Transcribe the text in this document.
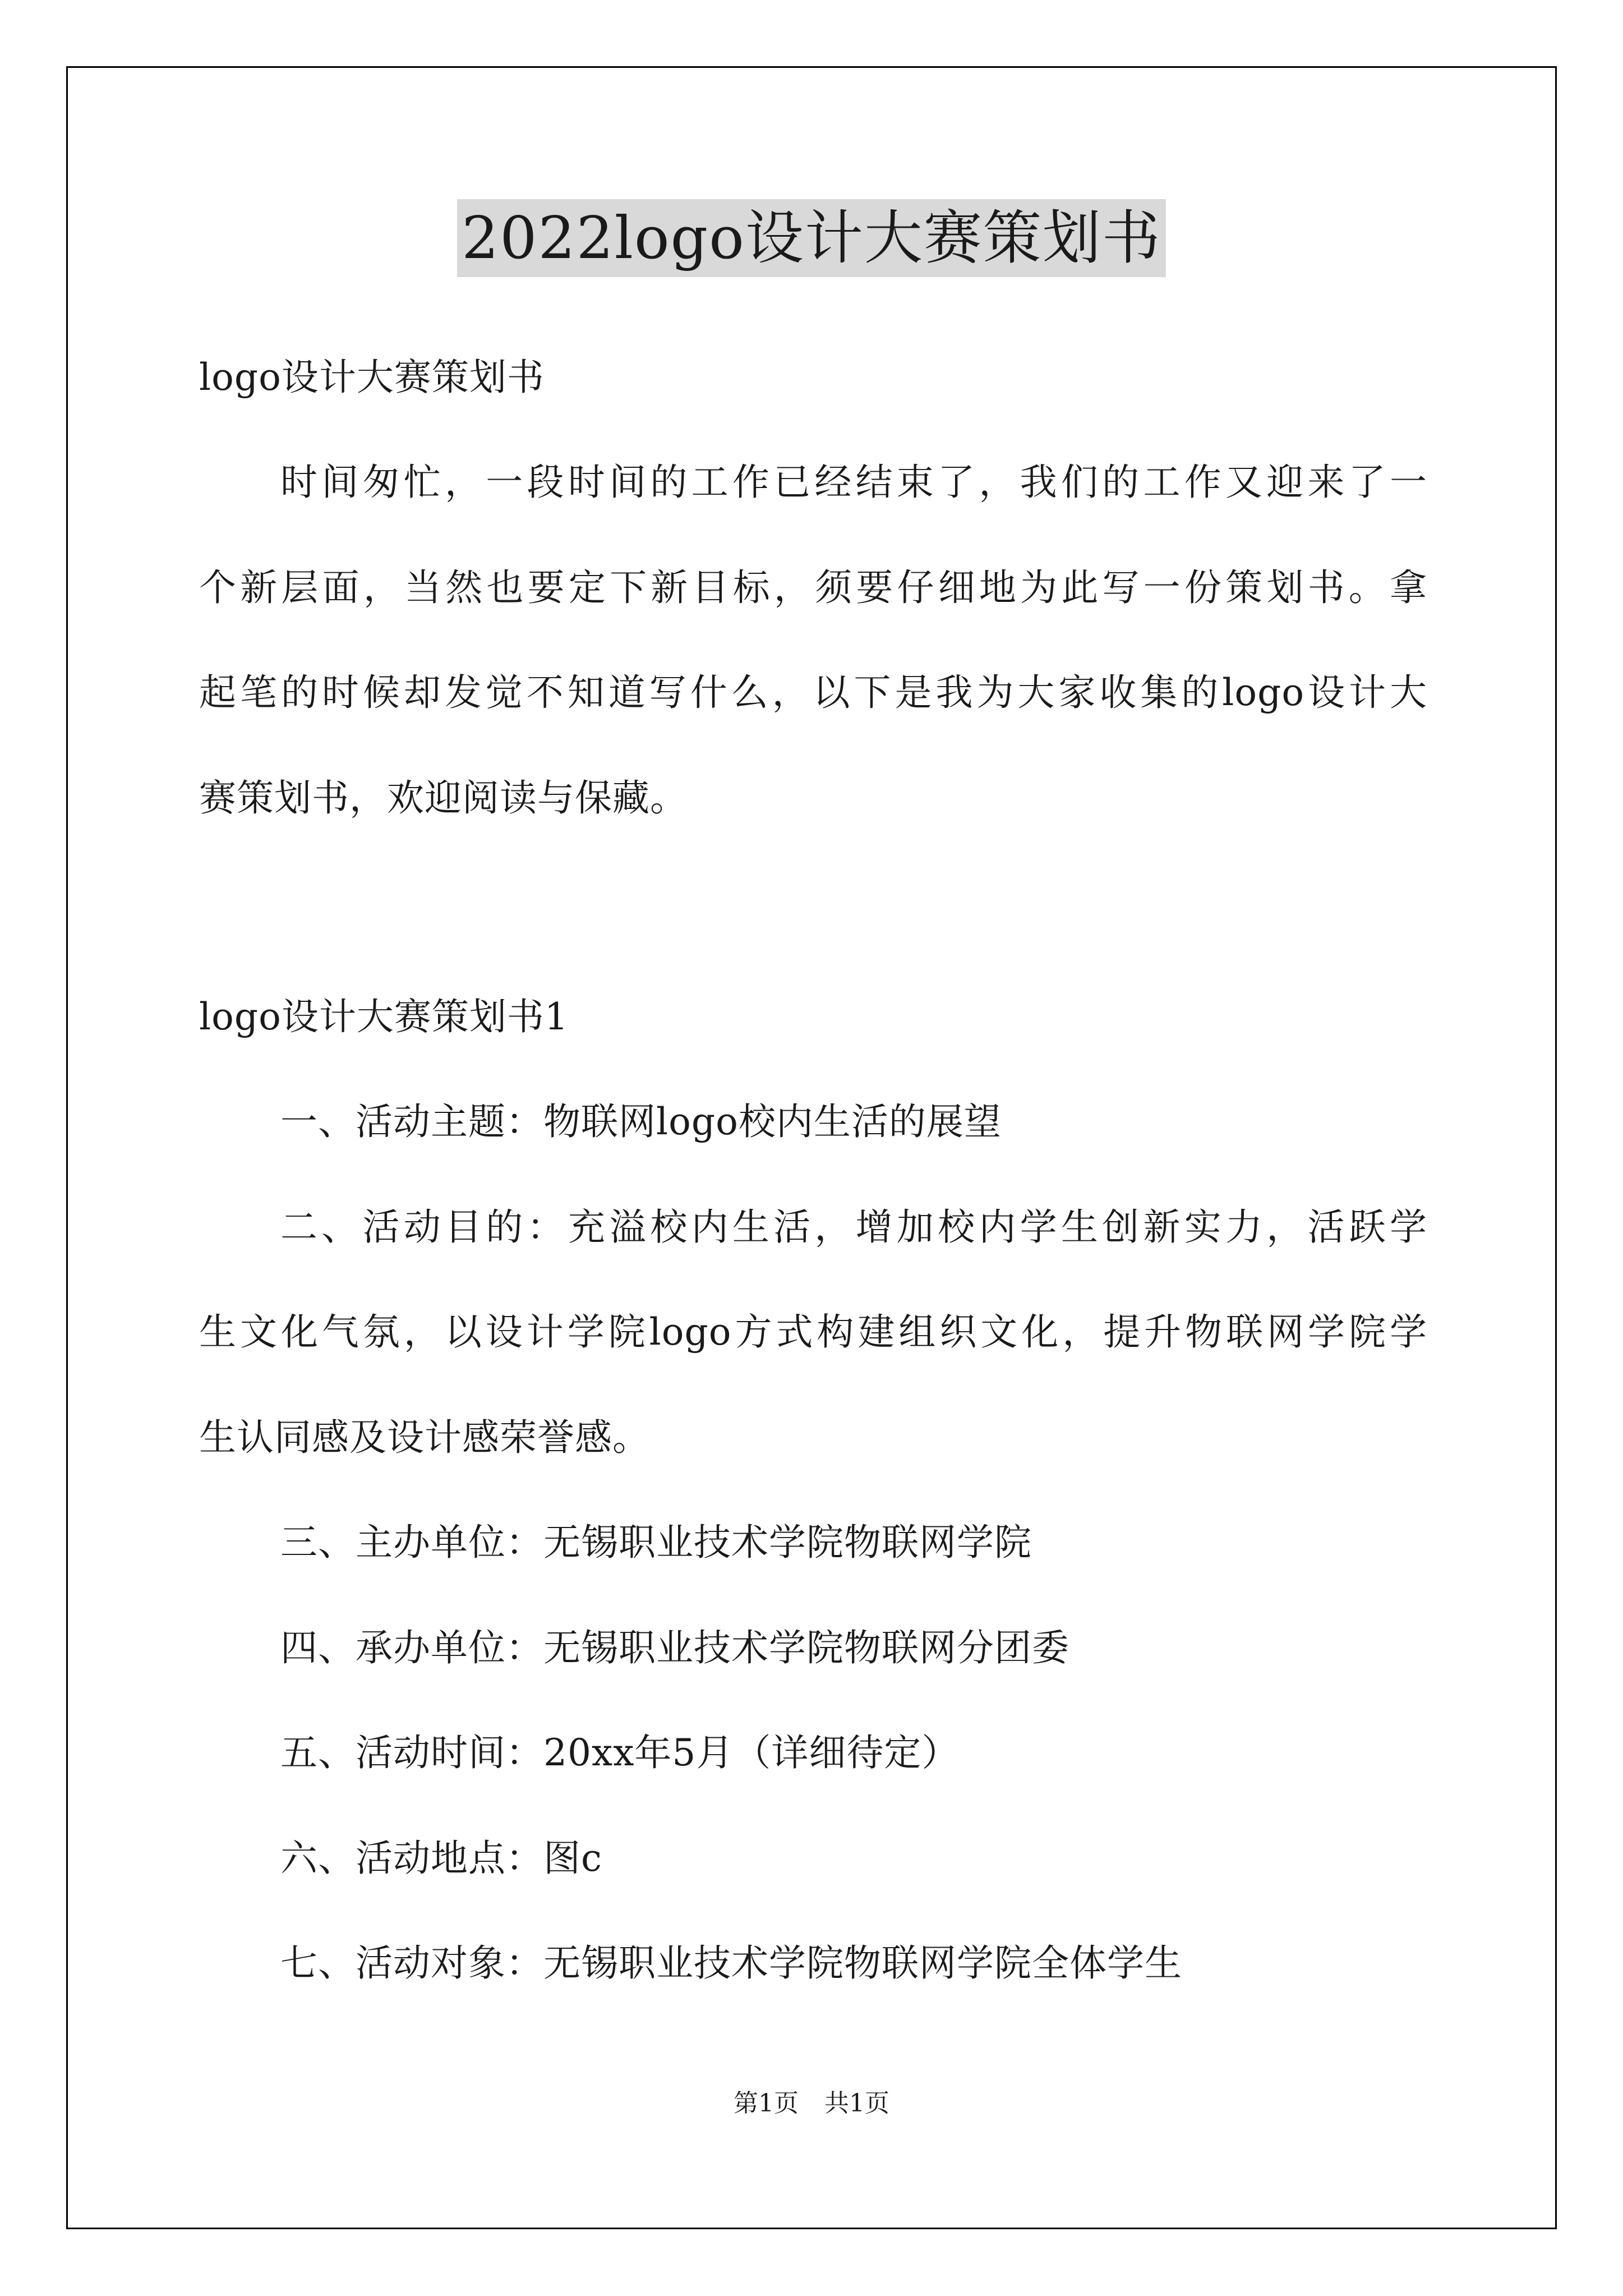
2022logo设计大赛策划书
logo设计大赛策划书
时间匆忙，一段时间的工作已经结束了，我们的工作又迎来了一
个新层面，当然也要定下新目标，须要仔细地为此写一份策划书。拿
起笔的时候却发觉不知道写什么，以下是我为大家收集的logo设计大
赛策划书，欢迎阅读与保藏。
logo设计大赛策划书1
一、活动主题：物联网logo校内生活的展望
二、活动目的：充溢校内生活，增加校内学生创新实力，活跃学
生文化气氛，以设计学院logo方式构建组织文化，提升物联网学院学
生认同感及设计感荣誉感。
三、主办单位：无锡职业技术学院物联网学院
四、承办单位：无锡职业技术学院物联网分团委
五、活动时间：20xx年5月（详细待定）
六、活动地点：图c
七、活动对象：无锡职业技术学院物联网学院全体学生
第1页 共1页
